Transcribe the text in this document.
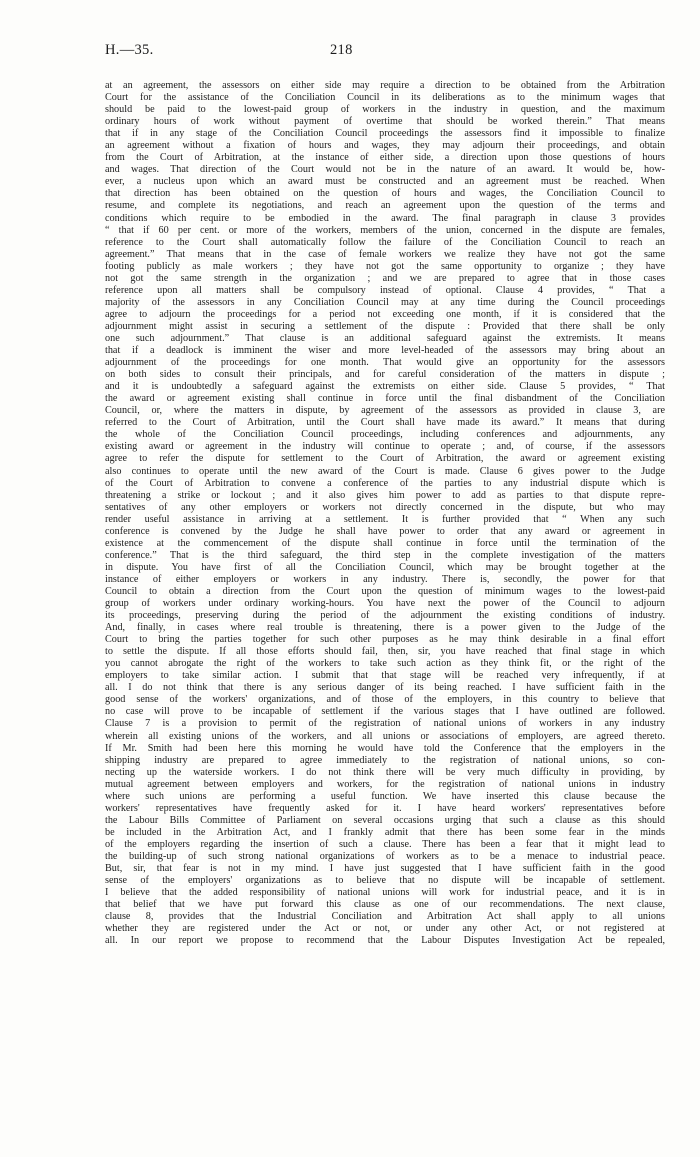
H.—35.	218
at an agreement, the assessors on either side may require a direction to be obtained from the Arbitration
Court for the assistance of the Conciliation Council in its deliberations as to the minimum wages that
should be paid to the lowest-paid group of workers in the industry in question, and the maximum
ordinary hours of work without payment of overtime that should be worked therein.” That means
that if in any stage of the Conciliation Council proceedings the assessors find it impossible to finalize
an agreement without a fixation of hours and wages, they may adjourn their proceedings, and obtain
from the Court of Arbitration, at the instance of either side, a direction upon those questions of hours
and wages. That direction of the Court would not be in the nature of an award. It would be, how-
ever, a nucleus upon which an award must be constructed and an agreement must be reached. When
that direction has been obtained on the question of hours and wages, the Conciliation Council to
resume, and complete its negotiations, and reach an agreement upon the question of the terms and
conditions which require to be embodied in the award. The final paragraph in clause 3 provides
“ that if 60 per cent. or more of the workers, members of the union, concerned in the dispute are females,
reference to the Court shall automatically follow the failure of the Conciliation Council to reach an
agreement.” That means that in the case of female workers we realize they have not got the same
footing publicly as male workers ; they have not got the same opportunity to organize ; they have
not got the same strength in the organization ; and we are prepared to agree that in those cases
reference upon all matters shall be compulsory instead of optional. Clause 4 provides, “ That a
majority of the assessors in any Conciliation Council may at any time during the Council proceedings
agree to adjourn the proceedings for a period not exceeding one month, if it is considered that the
adjournment might assist in securing a settlement of the dispute : Provided that there shall be only
one such adjournment.” That clause is an additional safeguard against the extremists. It means
that if a deadlock is imminent the wiser and more level-headed of the assessors may bring about an
adjournment of the proceedings for one month. That would give an opportunity for the assessors
on both sides to consult their principals, and for careful consideration of the matters in dispute ;
and it is undoubtedly a safeguard against the extremists on either side. Clause 5 provides, “ That
the award or agreement existing shall continue in force until the final disbandment of the Conciliation
Council, or, where the matters in dispute, by agreement of the assessors as provided in clause 3, are
referred to the Court of Arbitration, until the Court shall have made its award.” It means that during
the whole of the Conciliation Council proceedings, including conferences and adjournments, any
existing award or agreement in the industry will continue to operate ; and, of course, if the assessors
agree to refer the dispute for settlement to the Court of Arbitration, the award or agreement existing
also continues to operate until the new award of the Court is made. Clause 6 gives power to the Judge
of the Court of Arbitration to convene a conference of the parties to any industrial dispute which is
threatening a strike or lockout ; and it also gives him power to add as parties to that dispute repre-
sentatives of any other employers or workers not directly concerned in the dispute, but who may
render useful assistance in arriving at a settlement. It is further provided that “ When any such
conference is convened by the Judge he shall have power to order that any award or agreement in
existence at the commencement of the dispute shall continue in force until the termination of the
conference.” That is the third safeguard, the third step in the complete investigation of the matters
in dispute. You have first of all the Conciliation Council, which may be brought together at the
instance of either employers or workers in any industry. There is, secondly, the power for that
Council to obtain a direction from the Court upon the question of minimum wages to the lowest-paid
group of workers under ordinary working-hours. You have next the power of the Council to adjourn
its proceedings, preserving during the period of the adjournment the existing conditions of industry.
And, finally, in cases where real trouble is threatening, there is a power given to the Judge of the
Court to bring the parties together for such other purposes as he may think desirable in a final effort
to settle the dispute. If all those efforts should fail, then, sir, you have reached that final stage in which
you cannot abrogate the right of the workers to take such action as they think fit, or the right of the
employers to take similar action. I submit that that stage will be reached very infrequently, if at
all. I do not think that there is any serious danger of its being reached. I have sufficient faith in the
good sense of the workers' organizations, and of those of the employers, in this country to believe that
no case will prove to be incapable of settlement if the various stages that I have outlined are followed.
Clause 7 is a provision to permit of the registration of national unions of workers in any industry
wherein all existing unions of the workers, and all unions or associations of employers, are agreed thereto.
If Mr. Smith had been here this morning he would have told the Conference that the employers in the
shipping industry are prepared to agree immediately to the registration of national unions, so con-
necting up the waterside workers. I do not think there will be very much difficulty in providing, by
mutual agreement between employers and workers, for the registration of national unions in industry
where such unions are performing a useful function. We have inserted this clause because the
workers' representatives have frequently asked for it. I have heard workers' representatives before
the Labour Bills Committee of Parliament on several occasions urging that such a clause as this should
be included in the Arbitration Act, and I frankly admit that there has been some fear in the minds
of the employers regarding the insertion of such a clause. There has been a fear that it might lead to
the building-up of such strong national organizations of workers as to be a menace to industrial peace.
But, sir, that fear is not in my mind. I have just suggested that I have sufficient faith in the good
sense of the employers' organizations as to believe that no dispute will be incapable of settlement.
I believe that the added responsibility of national unions will work for industrial peace, and it is in
that belief that we have put forward this clause as one of our recommendations. The next clause,
clause 8, provides that the Industrial Conciliation and Arbitration Act shall apply to all unions
whether they are registered under the Act or not, or under any other Act, or not registered at
all. In our report we propose to recommend that the Labour Disputes Investigation Act be repealed,
